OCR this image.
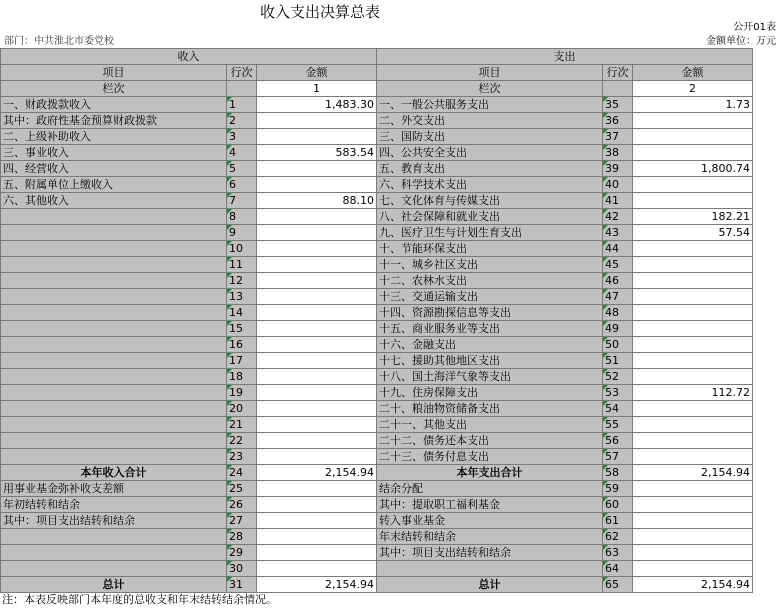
收入支出决算总表
公开01表
部门：中共淮北市委党校	金额单位：万元
收入			支出		
项目	行次	金额	项目	行次	金额
栏次		1	栏次		2
一、财政拨款收入	1	1,483.30	一、一般公共服务支出	35	1.73
其中：政府性基金预算财政拨款	2		二、外交支出	36	
二、上级补助收入	3		三、国防支出	37	
三、事业收入	4	583.54	四、公共安全支出	38	
四、经营收入	5		五、教育支出	39	1,800.74
五、附属单位上缴收入	6		六、科学技术支出	40	
六、其他收入	7	88.10	七、文化体育与传媒支出	41	
	8		八、社会保障和就业支出	42	182.21
	9		九、医疗卫生与计划生育支出	43	57.54
	10		十、节能环保支出	44	
	11		十一、城乡社区支出	45	
	12		十二、农林水支出	46	
	13		十三、交通运输支出	47	
	14		十四、资源勘探信息等支出	48	
	15		十五、商业服务业等支出	49	
	16		十六、金融支出	50	
	17		十七、援助其他地区支出	51	
	18		十八、国土海洋气象等支出	52	
	19		十九、住房保障支出	53	112.72
	20		二十、粮油物资储备支出	54	
	21		二十一、其他支出	55	
	22		二十二、债务还本支出	56	
	23		二十三、债务付息支出	57	
本年收入合计	24	2,154.94	本年支出合计	58	2,154.94
用事业基金弥补收支差额	25		结余分配	59	
年初结转和结余	26		其中：提取职工福利基金	60	
其中：项目支出结转和结余	27		转入事业基金	61	
	28		年末结转和结余	62	
	29		其中：项目支出结转和结余	63	
	30			64	
总计	31	2,154.94	总计	65	2,154.94
注：本表反映部门本年度的总收支和年末结转结余情况。
